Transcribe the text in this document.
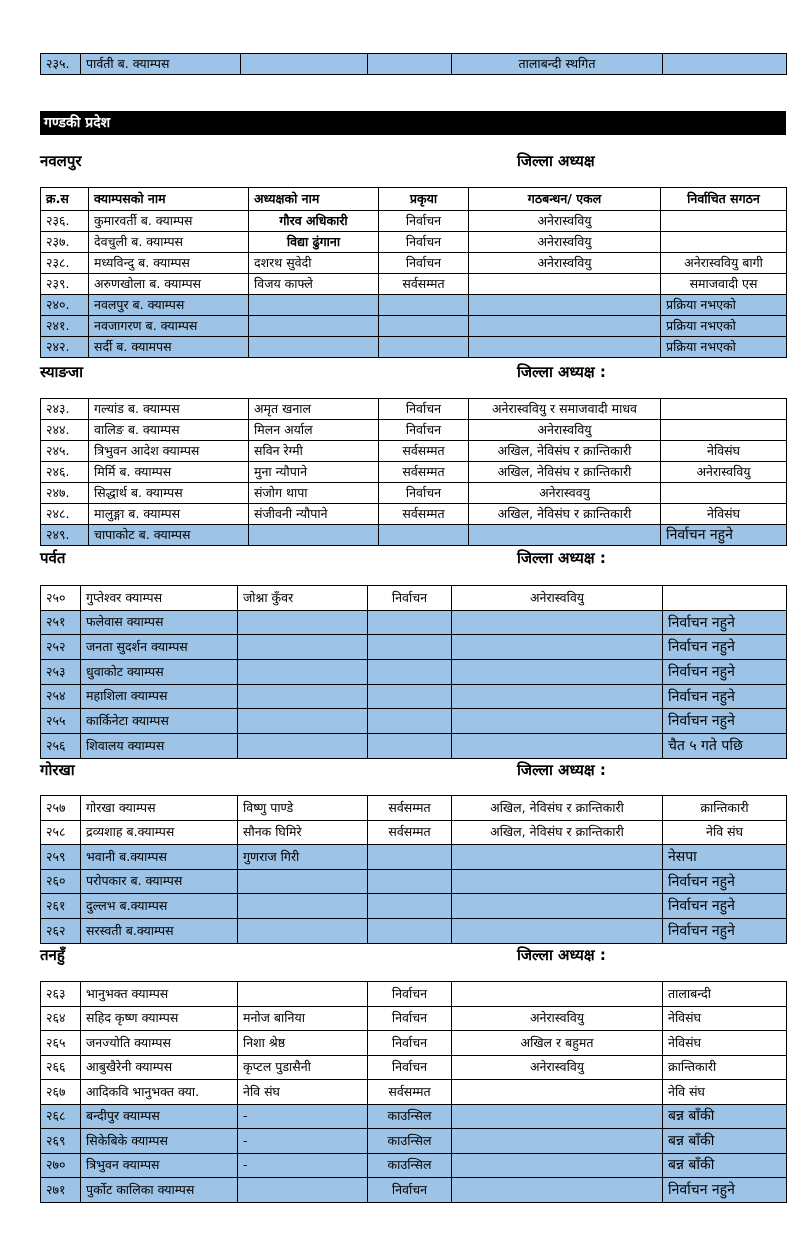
२३५.	पार्वती ब. क्याम्पस			तालाबन्दी स्थगित	
गण्डकी प्रदेश
नवलपुर	जिल्ला अध्यक्ष
क्र.स	क्याम्पसको नाम	अध्यक्षको नाम	प्रकृया	गठबन्धन/ एकल	निर्वाचित सगठन
२३६.	कुमारवर्ती ब. क्याम्पस	गौरव अधिकारी	निर्वाचन	अनेरास्ववियु	
२३७.	देवचुली ब. क्याम्पस	विद्या ढुंगाना	निर्वाचन	अनेरास्ववियु	
२३८.	मध्यविन्दु ब. क्याम्पस	दशरथ सुवेदी	निर्वाचन	अनेरास्ववियु	अनेरास्ववियु बागी
२३९.	अरुणखोला ब. क्याम्पस	विजय काफ्ले	सर्वसम्मत		समाजवादी एस
२४०.	नवलपुर ब. क्याम्पस				प्रक्रिया नभएको
२४१.	नवजागरण ब. क्याम्पस				प्रक्रिया नभएको
२४२.	सर्दी ब. क्यामपस				प्रक्रिया नभएको
स्याङजा	जिल्ला अध्यक्ष :
२४३.	गल्यांड ब. क्याम्पस	अमृत खनाल	निर्वाचन	अनेरास्ववियु र समाजवादी माधव	
२४४.	वालिङ ब. क्याम्पस	मिलन अर्याल	निर्वाचन	अनेरास्ववियु	
२४५.	त्रिभुवन आदेश क्याम्पस	सविन रेग्मी	सर्वसम्मत	अखिल, नेविसंघ र क्रान्तिकारी	नेविसंघ
२४६.	मिर्मि ब. क्याम्पस	मुना न्यौपाने	सर्वसम्मत	अखिल, नेविसंघ र क्रान्तिकारी	अनेरास्ववियु
२४७.	सिद्धार्थ ब. क्याम्पस	संजोग थापा	निर्वाचन	अनेरास्ववयु	
२४८.	मालुङ्गा ब. क्याम्पस	संजीवनी न्यौपाने	सर्वसम्मत	अखिल, नेविसंघ र क्रान्तिकारी	नेविसंघ
२४९.	चापाकोट ब. क्याम्पस				निर्वाचन नहुने
पर्वत	जिल्ला अध्यक्ष :
२५०	गुप्तेश्वर क्याम्पस	जोश्ना कुँवर	निर्वाचन	अनेरास्ववियु	
२५१	फलेवास क्याम्पस				निर्वाचन नहुने
२५२	जनता सुदर्शन क्याम्पस				निर्वाचन नहुने
२५३	धुवाकोट क्याम्पस				निर्वाचन नहुने
२५४	महाशिला क्याम्पस				निर्वाचन नहुने
२५५	कार्किनेटा क्याम्पस				निर्वाचन नहुने
२५६	शिवालय क्याम्पस				चैत ५ गते पछि
गोरखा	जिल्ला अध्यक्ष :
२५७	गोरखा क्याम्पस	विष्णु पाण्डे	सर्वसम्मत	अखिल, नेविसंघ र क्रान्तिकारी	क्रान्तिकारी
२५८	द्रव्यशाह ब.क्याम्पस	सौनक घिमिरे	सर्वसम्मत	अखिल, नेविसंघ र क्रान्तिकारी	नेवि संघ
२५९	भवानी ब.क्याम्पस	गुणराज गिरी			नेसपा
२६०	परोपकार ब. क्याम्पस				निर्वाचन नहुने
२६१	दुल्लभ ब.क्याम्पस				निर्वाचन नहुने
२६२	सरस्वती ब.क्याम्पस				निर्वाचन नहुने
तनहुँ	जिल्ला अध्यक्ष :
२६३	भानुभक्त क्याम्पस		निर्वाचन		तालाबन्दी
२६४	सहिद कृष्ण क्याम्पस	मनोज बानिया	निर्वाचन	अनेरास्ववियु	नेविसंघ
२६५	जनज्योति क्याम्पस	निशा श्रेष्ठ	निर्वाचन	अखिल र बहुमत	नेविसंघ
२६६	आबुखैरेनी क्याम्पस	कृप्टल पुडासैनी	निर्वाचन	अनेरास्ववियु	क्रान्तिकारी
२६७	आदिकवि भानुभक्त क्या.	नेवि संघ	सर्वसम्मत		नेवि संघ
२६८	बन्दीपुर क्याम्पस	-	काउन्सिल		बन्न बाँकी
२६९	सिकेबिके क्याम्पस	-	काउन्सिल		बन्न बाँकी
२७०	त्रिभुवन क्याम्पस	-	काउन्सिल		बन्न बाँकी
२७१	पुर्कोट कालिका क्याम्पस		निर्वाचन		निर्वाचन नहुने
